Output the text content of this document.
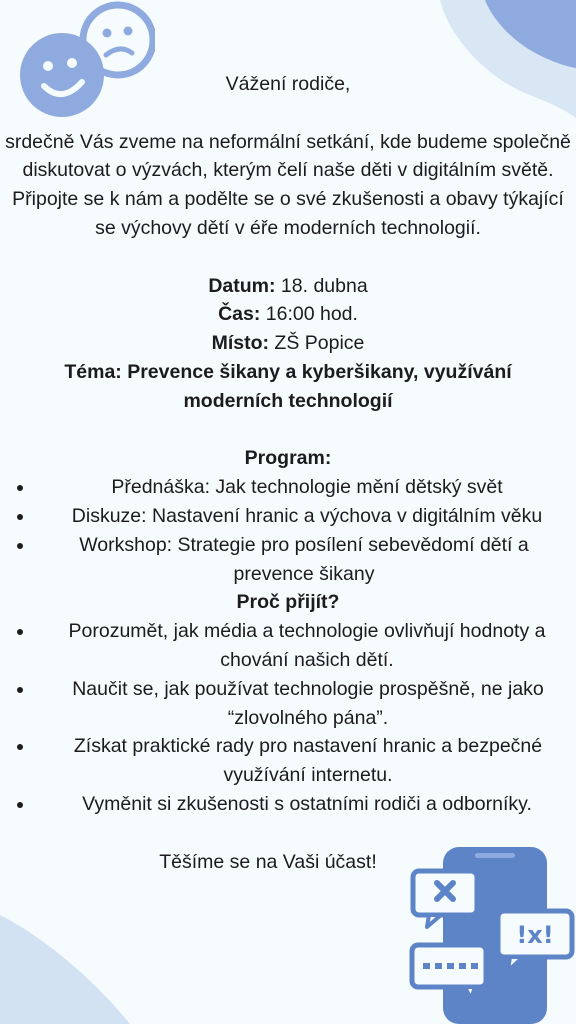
Vážení rodiče,

srdečně Vás zveme na neformální setkání, kde budeme společně diskutovat o výzvách, kterým čelí naše děti v digitálním světě. Připojte se k nám a podělte se o své zkušenosti a obavy týkající se výchovy dětí v éře moderních technologií.

Datum: 18. dubna

Čas: 16:00 hod.

Místo: ZŠ Popice

Téma: Prevence šikany a kyberšikany, využívání moderních technologií

Program:

Přednáška: Jak technologie mění dětský svět
Diskuze: Nastavení hranic a výchova v digitálním věku
Workshop: Strategie pro posílení sebevědomí dětí a prevence šikany

Proč přijít?

Porozumět, jak média a technologie ovlivňují hodnoty a chování našich dětí.
Naučit se, jak používat technologie prospěšně, ne jako “zlovolného pána”.
Získat praktické rady pro nastavení hranic a bezpečné využívání internetu.
Vyměnit si zkušenosti s ostatními rodiči a odborníky.

Těšíme se na Vaši účast!

!x!
